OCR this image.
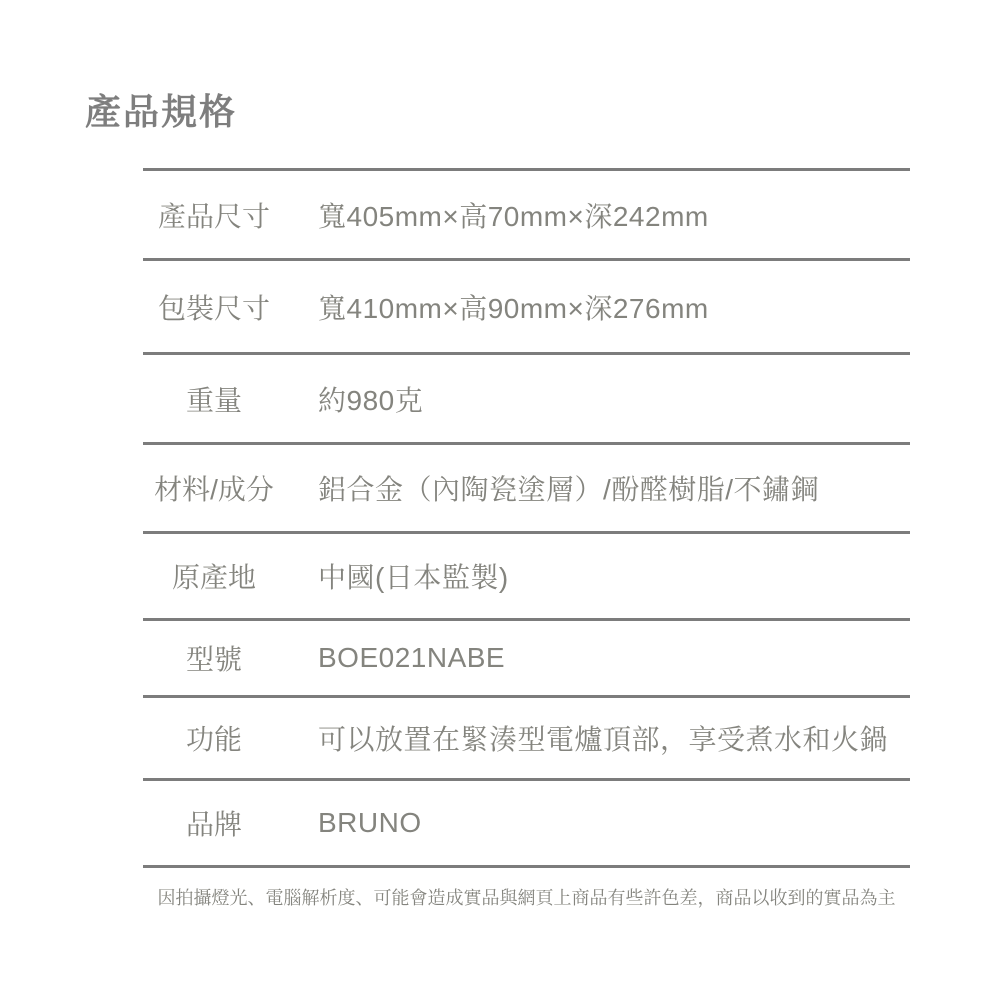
產品規格
產品尺寸	寬405mm×高70mm×深242mm
包裝尺寸	寬410mm×高90mm×深276mm
重量	約980克
材料/成分	鋁合金（內陶瓷塗層）/酚醛樹脂/不鏽鋼
原產地	中國(日本監製)
型號	BOE021NABE
功能	可以放置在緊湊型電爐頂部，享受煮水和火鍋
品牌	BRUNO

因拍攝燈光、電腦解析度、可能會造成實品與網頁上商品有些許色差，商品以收到的實品為主
